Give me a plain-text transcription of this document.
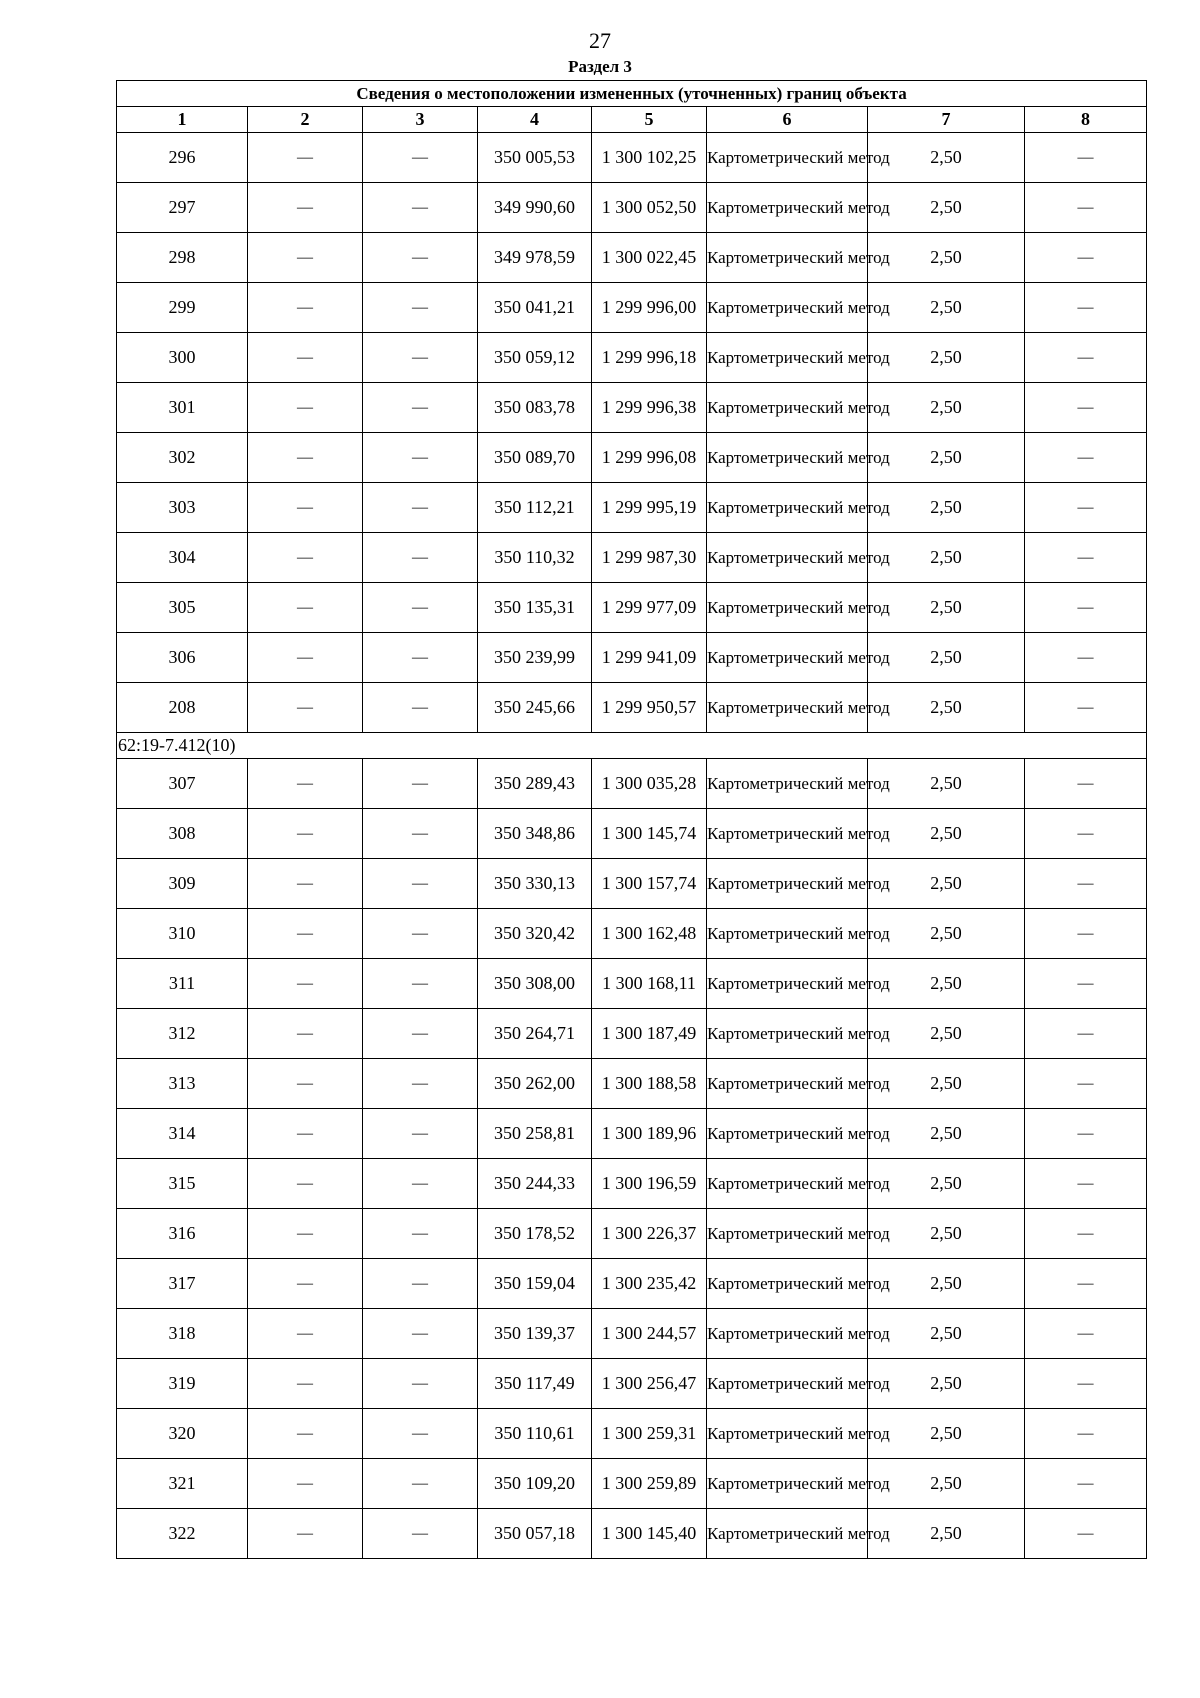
27
Раздел 3
Сведения о местоположении измененных (уточненных) границ объекта							
1	2	3	4	5	6	7	8
296	—	—	350 005,53	1 300 102,25	Картометрический метод	2,50	—
297	—	—	349 990,60	1 300 052,50	Картометрический метод	2,50	—
298	—	—	349 978,59	1 300 022,45	Картометрический метод	2,50	—
299	—	—	350 041,21	1 299 996,00	Картометрический метод	2,50	—
300	—	—	350 059,12	1 299 996,18	Картометрический метод	2,50	—
301	—	—	350 083,78	1 299 996,38	Картометрический метод	2,50	—
302	—	—	350 089,70	1 299 996,08	Картометрический метод	2,50	—
303	—	—	350 112,21	1 299 995,19	Картометрический метод	2,50	—
304	—	—	350 110,32	1 299 987,30	Картометрический метод	2,50	—
305	—	—	350 135,31	1 299 977,09	Картометрический метод	2,50	—
306	—	—	350 239,99	1 299 941,09	Картометрический метод	2,50	—
208	—	—	350 245,66	1 299 950,57	Картометрический метод	2,50	—
62:19-7.412(10)							
307	—	—	350 289,43	1 300 035,28	Картометрический метод	2,50	—
308	—	—	350 348,86	1 300 145,74	Картометрический метод	2,50	—
309	—	—	350 330,13	1 300 157,74	Картометрический метод	2,50	—
310	—	—	350 320,42	1 300 162,48	Картометрический метод	2,50	—
311	—	—	350 308,00	1 300 168,11	Картометрический метод	2,50	—
312	—	—	350 264,71	1 300 187,49	Картометрический метод	2,50	—
313	—	—	350 262,00	1 300 188,58	Картометрический метод	2,50	—
314	—	—	350 258,81	1 300 189,96	Картометрический метод	2,50	—
315	—	—	350 244,33	1 300 196,59	Картометрический метод	2,50	—
316	—	—	350 178,52	1 300 226,37	Картометрический метод	2,50	—
317	—	—	350 159,04	1 300 235,42	Картометрический метод	2,50	—
318	—	—	350 139,37	1 300 244,57	Картометрический метод	2,50	—
319	—	—	350 117,49	1 300 256,47	Картометрический метод	2,50	—
320	—	—	350 110,61	1 300 259,31	Картометрический метод	2,50	—
321	—	—	350 109,20	1 300 259,89	Картометрический метод	2,50	—
322	—	—	350 057,18	1 300 145,40	Картометрический метод	2,50	—
